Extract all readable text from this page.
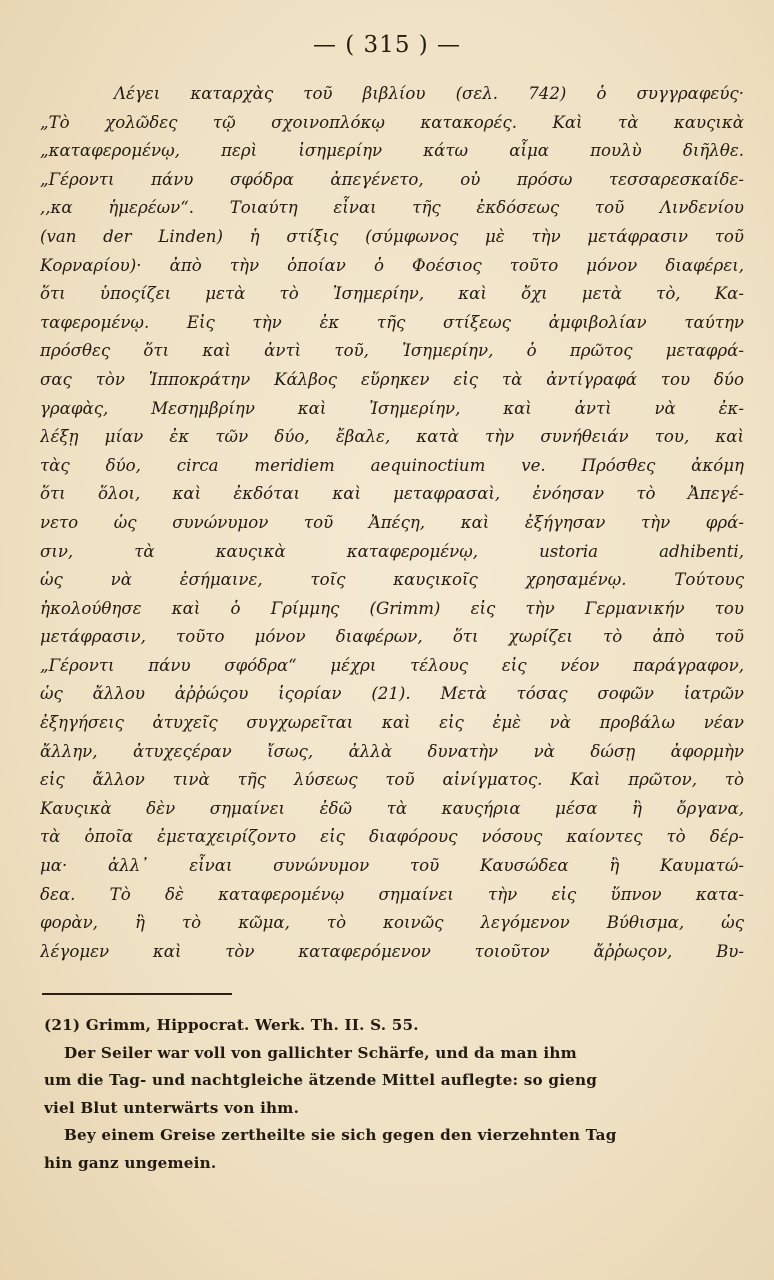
— ( 315 ) —
Λέγει καταρχὰς τοῦ βιβλίου (σελ. 742) ὁ συγγραφεύς·
„Τὸ χολῶδες τῷ σχοινοπλόκῳ κατακορές. Καὶ τὰ καυςικὰ
„καταφερομένῳ, περὶ ἰσημερίην κάτω αἷμα πουλὺ διῆλθε.
„Γέροντι πάνυ σφόδρα ἀπεγένετο, οὐ πρόσω τεσσαρεσκαίδε-
,,κα ἡμερέων“. Τοιαύτη εἶναι τῆς ἐκδόσεως τοῦ Λινδενίου
(van der Linden) ἡ στίξις (σύμφωνος μὲ τὴν μετάφρασιν τοῦ
Κορναρίου)· ἀπὸ τὴν ὁποίαν ὁ Φοέσιος τοῦτο μόνον διαφέρει,
ὅτι ὑποςίζει μετὰ τὸ Ἰσημερίην, καὶ ὄχι μετὰ τὸ, Κα-
ταφερομένῳ. Εἰς τὴν ἐκ τῆς στίξεως ἀμφιβολίαν ταύτην
πρόσθες ὅτι καὶ ἀντὶ τοῦ, Ἰσημερίην, ὁ πρῶτος μεταφρά-
σας τὸν Ἱπποκράτην Κάλβος εὕρηκεν εἰς τὰ ἀντίγραφά του δύο
γραφὰς, Μεσημβρίην καὶ Ἰσημερίην, καὶ ἀντὶ νὰ ἐκ-
λέξῃ μίαν ἐκ τῶν δύο, ἔβαλε, κατὰ τὴν συνήθειάν του, καὶ
τὰς δύο, circa meridiem aequinoctium ve. Πρόσθες ἀκόμη
ὅτι ὅλοι, καὶ ἐκδόται καὶ μεταφρασαὶ, ἐνόησαν τὸ Ἀπεγέ-
νετο ὡς συνώνυμον τοῦ Ἀπέςη, καὶ ἐξήγησαν τὴν φρά-
σιν, τὰ καυςικὰ καταφερομένῳ, ustoria adhibenti,
ὡς νὰ ἐσήμαινε, τοῖς καυςικοῖς χρησαμένῳ. Τούτους
ἠκολούθησε καὶ ὁ Γρίμμης (Grimm) εἰς τὴν Γερμανικήν του
μετάφρασιν, τοῦτο μόνον διαφέρων, ὅτι χωρίζει τὸ ἀπὸ τοῦ
„Γέροντι πάνυ σφόδρα“ μέχρι τέλους εἰς νέον παράγραφον,
ὡς ἄλλου ἀῤῥώςου ἱςορίαν (21). Μετὰ τόσας σοφῶν ἰατρῶν
ἐξηγήσεις ἀτυχεῖς συγχωρεῖται καὶ εἰς ἐμὲ νὰ προβάλω νέαν
ἄλλην, ἀτυχεςέραν ἴσως, ἀλλὰ δυνατὴν νὰ δώσῃ ἀφορμὴν
εἰς ἄλλον τινὰ τῆς λύσεως τοῦ αἰνίγματος. Καὶ πρῶτον, τὸ
Καυςικὰ δὲν σημαίνει ἐδῶ τὰ καυςήρια μέσα ἢ ὄργανα,
τὰ ὁποῖα ἐμεταχειρίζοντο εἰς διαφόρους νόσους καίοντες τὸ δέρ-
μα· ἀλλ᾽ εἶναι συνώνυμον τοῦ Καυσώδεα ἢ Καυματώ-
δεα. Τὸ δὲ καταφερομένῳ σημαίνει τὴν εἰς ὕπνον κατα-
φορὰν, ἢ τὸ κῶμα, τὸ κοινῶς λεγόμενον Βύθισμα, ὡς
λέγομεν καὶ τὸν καταφερόμενον τοιοῦτον ἄῤῥωςον, Βυ-
(21) Grimm, Hippocrat. Werk. Th. II. S. 55.
Der Seiler war voll von gallichter Schärfe, und da man ihm
um die Tag- und nachtgleiche ätzende Mittel auflegte: so gieng
viel Blut unterwärts von ihm.
Bey einem Greise zertheilte sie sich gegen den vierzehnten Tag
hin ganz ungemein.
